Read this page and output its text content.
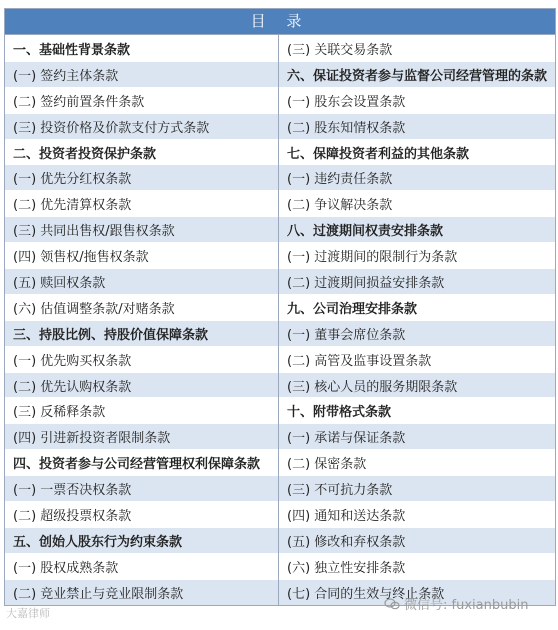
目 录
一、基础性背景条款	(三) 关联交易条款
(一) 签约主体条款	六、保证投资者参与监督公司经营管理的条款
(二) 签约前置条件条款	(一) 股东会设置条款
(三) 投资价格及价款支付方式条款	(二) 股东知情权条款
二、投资者投资保护条款	七、保障投资者利益的其他条款
(一) 优先分红权条款	(一) 违约责任条款
(二) 优先清算权条款	(二) 争议解决条款
(三) 共同出售权/跟售权条款	八、过渡期间权责安排条款
(四) 领售权/拖售权条款	(一) 过渡期间的限制行为条款
(五) 赎回权条款	(二) 过渡期间损益安排条款
(六) 估值调整条款/对赌条款	九、公司治理安排条款
三、持股比例、持股价值保障条款	(一) 董事会席位条款
(一) 优先购买权条款	(二) 高管及监事设置条款
(二) 优先认购权条款	(三) 核心人员的服务期限条款
(三) 反稀释条款	十、附带格式条款
(四) 引进新投资者限制条款	(一) 承诺与保证条款
四、投资者参与公司经营管理权利保障条款	(二) 保密条款
(一) 一票否决权条款	(三) 不可抗力条款
(二) 超级投票权条款	(四) 通知和送达条款
五、创始人股东行为约束条款	(五) 修改和弃权条款
(一) 股权成熟条款	(六) 独立性安排条款
(二) 竞业禁止与竞业限制条款	(七) 合同的生效与终止条款
大嘉律师
微信号: fuxianbubin
